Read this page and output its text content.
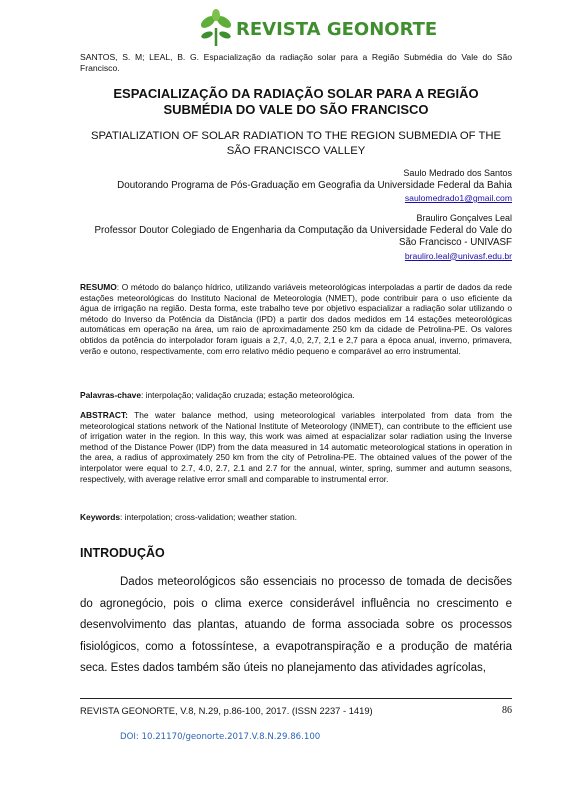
REVISTA GEONORTE
SANTOS, S. M; LEAL, B. G. Espacialização da radiação solar para a Região Submédia do Vale do São Francisco.
ESPACIALIZAÇÃO DA RADIAÇÃO SOLAR PARA A REGIÃO SUBMÉDIA DO VALE DO SÃO FRANCISCO
SPATIALIZATION OF SOLAR RADIATION TO THE REGION SUBMEDIA OF THE SÃO FRANCISCO VALLEY
Saulo Medrado dos Santos
Doutorando Programa de Pós-Graduação em Geografia da Universidade Federal da Bahia
saulomedrado1@gmail.com
Brauliro Gonçalves Leal
Professor Doutor Colegiado de Engenharia da Computação da Universidade Federal do Vale do São Francisco - UNIVASF
brauliro.leal@univasf.edu.br
RESUMO: O método do balanço hídrico, utilizando variáveis meteorológicas interpoladas a partir de dados da rede estações meteorológicas do Instituto Nacional de Meteorologia (NMET), pode contribuir para o uso eficiente da água de irrigação na região. Desta forma, este trabalho teve por objetivo espacializar a radiação solar utilizando o método do Inverso da Potência da Distância (IPD) a partir dos dados medidos em 14 estações meteorológicas automáticas em operação na área, um raio de aproximadamente 250 km da cidade de Petrolina-PE. Os valores obtidos da potência do interpolador foram iguais a 2,7, 4,0, 2,7, 2,1 e 2,7 para a época anual, inverno, primavera, verão e outono, respectivamente, com erro relativo médio pequeno e comparável ao erro instrumental.
Palavras-chave: interpolação; validação cruzada; estação meteorológica.
ABSTRACT: The water balance method, using meteorological variables interpolated from data from the meteorological stations network of the National Institute of Meteorology (INMET), can contribute to the efficient use of irrigation water in the region. In this way, this work was aimed at espacializar solar radiation using the Inverse method of the Distance Power (IDP) from the data measured in 14 automatic meteorological stations in operation in the area, a radius of approximately 250 km from the city of Petrolina-PE. The obtained values of the power of the interpolator were equal to 2.7, 4.0, 2.7, 2.1 and 2.7 for the annual, winter, spring, summer and autumn seasons, respectively, with average relative error small and comparable to instrumental error.
Keywords: interpolation; cross-validation; weather station.
INTRODUÇÃO
Dados meteorológicos são essenciais no processo de tomada de decisões do agronegócio, pois o clima exerce considerável influência no crescimento e desenvolvimento das plantas, atuando de forma associada sobre os processos fisiológicos, como a fotossíntese, a evapotranspiração e a produção de matéria seca. Estes dados também são úteis no planejamento das atividades agrícolas,
REVISTA GEONORTE, V.8, N.29, p.86-100, 2017. (ISSN 2237 - 1419)	86
DOI: 10.21170/geonorte.2017.V.8.N.29.86.100
